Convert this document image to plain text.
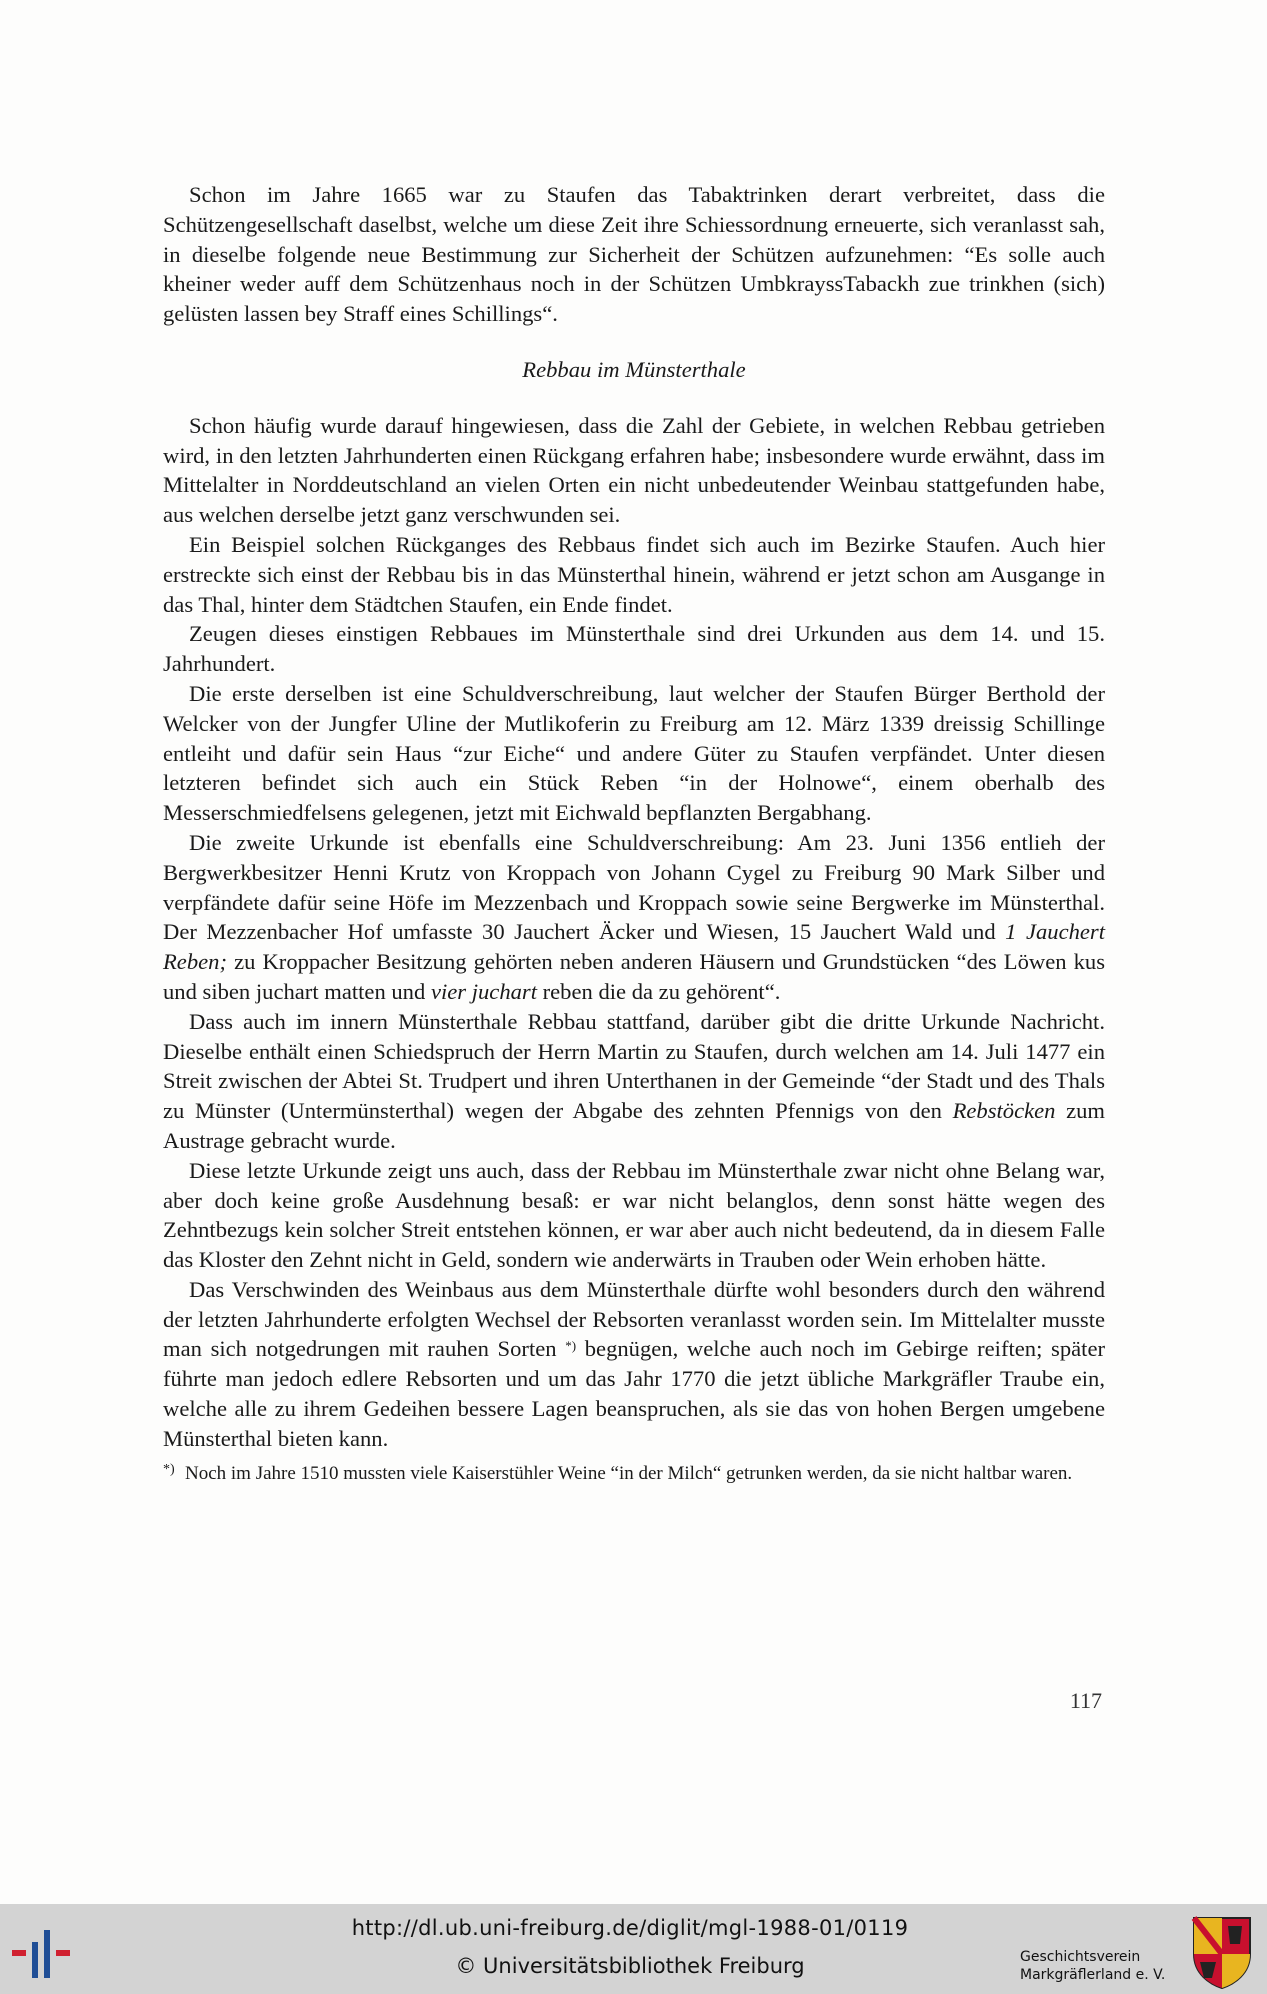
Schon im Jahre 1665 war zu Staufen das Tabaktrinken derart verbreitet, dass die Schützengesellschaft daselbst, welche um diese Zeit ihre Schiessordnung erneuerte, sich veranlasst sah, in dieselbe folgende neue Bestimmung zur Sicherheit der Schützen aufzunehmen: “Es solle auch kheiner weder auff dem Schützenhaus noch in der Schützen UmbkrayssTabackh zue trinkhen (sich) gelüsten lassen bey Straff eines Schillings“.

Rebbau im Münsterthale

Schon häufig wurde darauf hingewiesen, dass die Zahl der Gebiete, in welchen Rebbau getrieben wird, in den letzten Jahrhunderten einen Rückgang erfahren habe; insbesondere wurde erwähnt, dass im Mittelalter in Norddeutschland an vielen Orten ein nicht unbedeutender Weinbau stattgefunden habe, aus welchen derselbe jetzt ganz verschwunden sei.

Ein Beispiel solchen Rückganges des Rebbaus findet sich auch im Bezirke Staufen. Auch hier erstreckte sich einst der Rebbau bis in das Münsterthal hinein, während er jetzt schon am Ausgange in das Thal, hinter dem Städtchen Staufen, ein Ende findet.

Zeugen dieses einstigen Rebbaues im Münsterthale sind drei Urkunden aus dem 14. und 15. Jahrhundert.

Die erste derselben ist eine Schuldverschreibung, laut welcher der Staufen Bürger Berthold der Welcker von der Jungfer Uline der Mutlikoferin zu Freiburg am 12. März 1339 dreissig Schillinge entleiht und dafür sein Haus “zur Eiche“ und andere Güter zu Staufen verpfändet. Unter diesen letzteren befindet sich auch ein Stück Reben “in der Holnowe“, einem oberhalb des Messerschmiedfelsens gelegenen, jetzt mit Eichwald bepflanzten Bergabhang.

Die zweite Urkunde ist ebenfalls eine Schuldverschreibung: Am 23. Juni 1356 entlieh der Bergwerkbesitzer Henni Krutz von Kroppach von Johann Cygel zu Freiburg 90 Mark Silber und verpfändete dafür seine Höfe im Mezzenbach und Kroppach sowie seine Bergwerke im Münsterthal. Der Mezzenbacher Hof umfasste 30 Jauchert Äcker und Wiesen, 15 Jauchert Wald und 1 Jauchert Reben; zu Kroppacher Besitzung gehörten neben anderen Häusern und Grundstücken “des Löwen kus und siben juchart matten und vier juchart reben die da zu gehörent“.

Dass auch im innern Münsterthale Rebbau stattfand, darüber gibt die dritte Urkunde Nachricht. Dieselbe enthält einen Schiedspruch der Herrn Martin zu Staufen, durch welchen am 14. Juli 1477 ein Streit zwischen der Abtei St. Trudpert und ihren Unterthanen in der Gemeinde “der Stadt und des Thals zu Münster (Untermünsterthal) wegen der Abgabe des zehnten Pfennigs von den Rebstöcken zum Austrage gebracht wurde.

Diese letzte Urkunde zeigt uns auch, dass der Rebbau im Münsterthale zwar nicht ohne Belang war, aber doch keine große Ausdehnung besaß: er war nicht belanglos, denn sonst hätte wegen des Zehntbezugs kein solcher Streit entstehen können, er war aber auch nicht bedeutend, da in diesem Falle das Kloster den Zehnt nicht in Geld, sondern wie anderwärts in Trauben oder Wein erhoben hätte.

Das Verschwinden des Weinbaus aus dem Münsterthale dürfte wohl besonders durch den während der letzten Jahrhunderte erfolgten Wechsel der Rebsorten veranlasst worden sein. Im Mittelalter musste man sich notgedrungen mit rauhen Sorten *) begnügen, welche auch noch im Gebirge reiften; später führte man jedoch edlere Rebsorten und um das Jahr 1770 die jetzt übliche Markgräfler Traube ein, welche alle zu ihrem Gedeihen bessere Lagen beanspruchen, als sie das von hohen Bergen umgebene Münsterthal bieten kann.

*) Noch im Jahre 1510 mussten viele Kaiserstühler Weine “in der Milch“ getrunken werden, da sie nicht haltbar waren.

117
http://dl.ub.uni-freiburg.de/diglit/mgl-1988-01/0119
© Universitätsbibliothek Freiburg	Geschichtsverein
Markgräflerland e. V.
